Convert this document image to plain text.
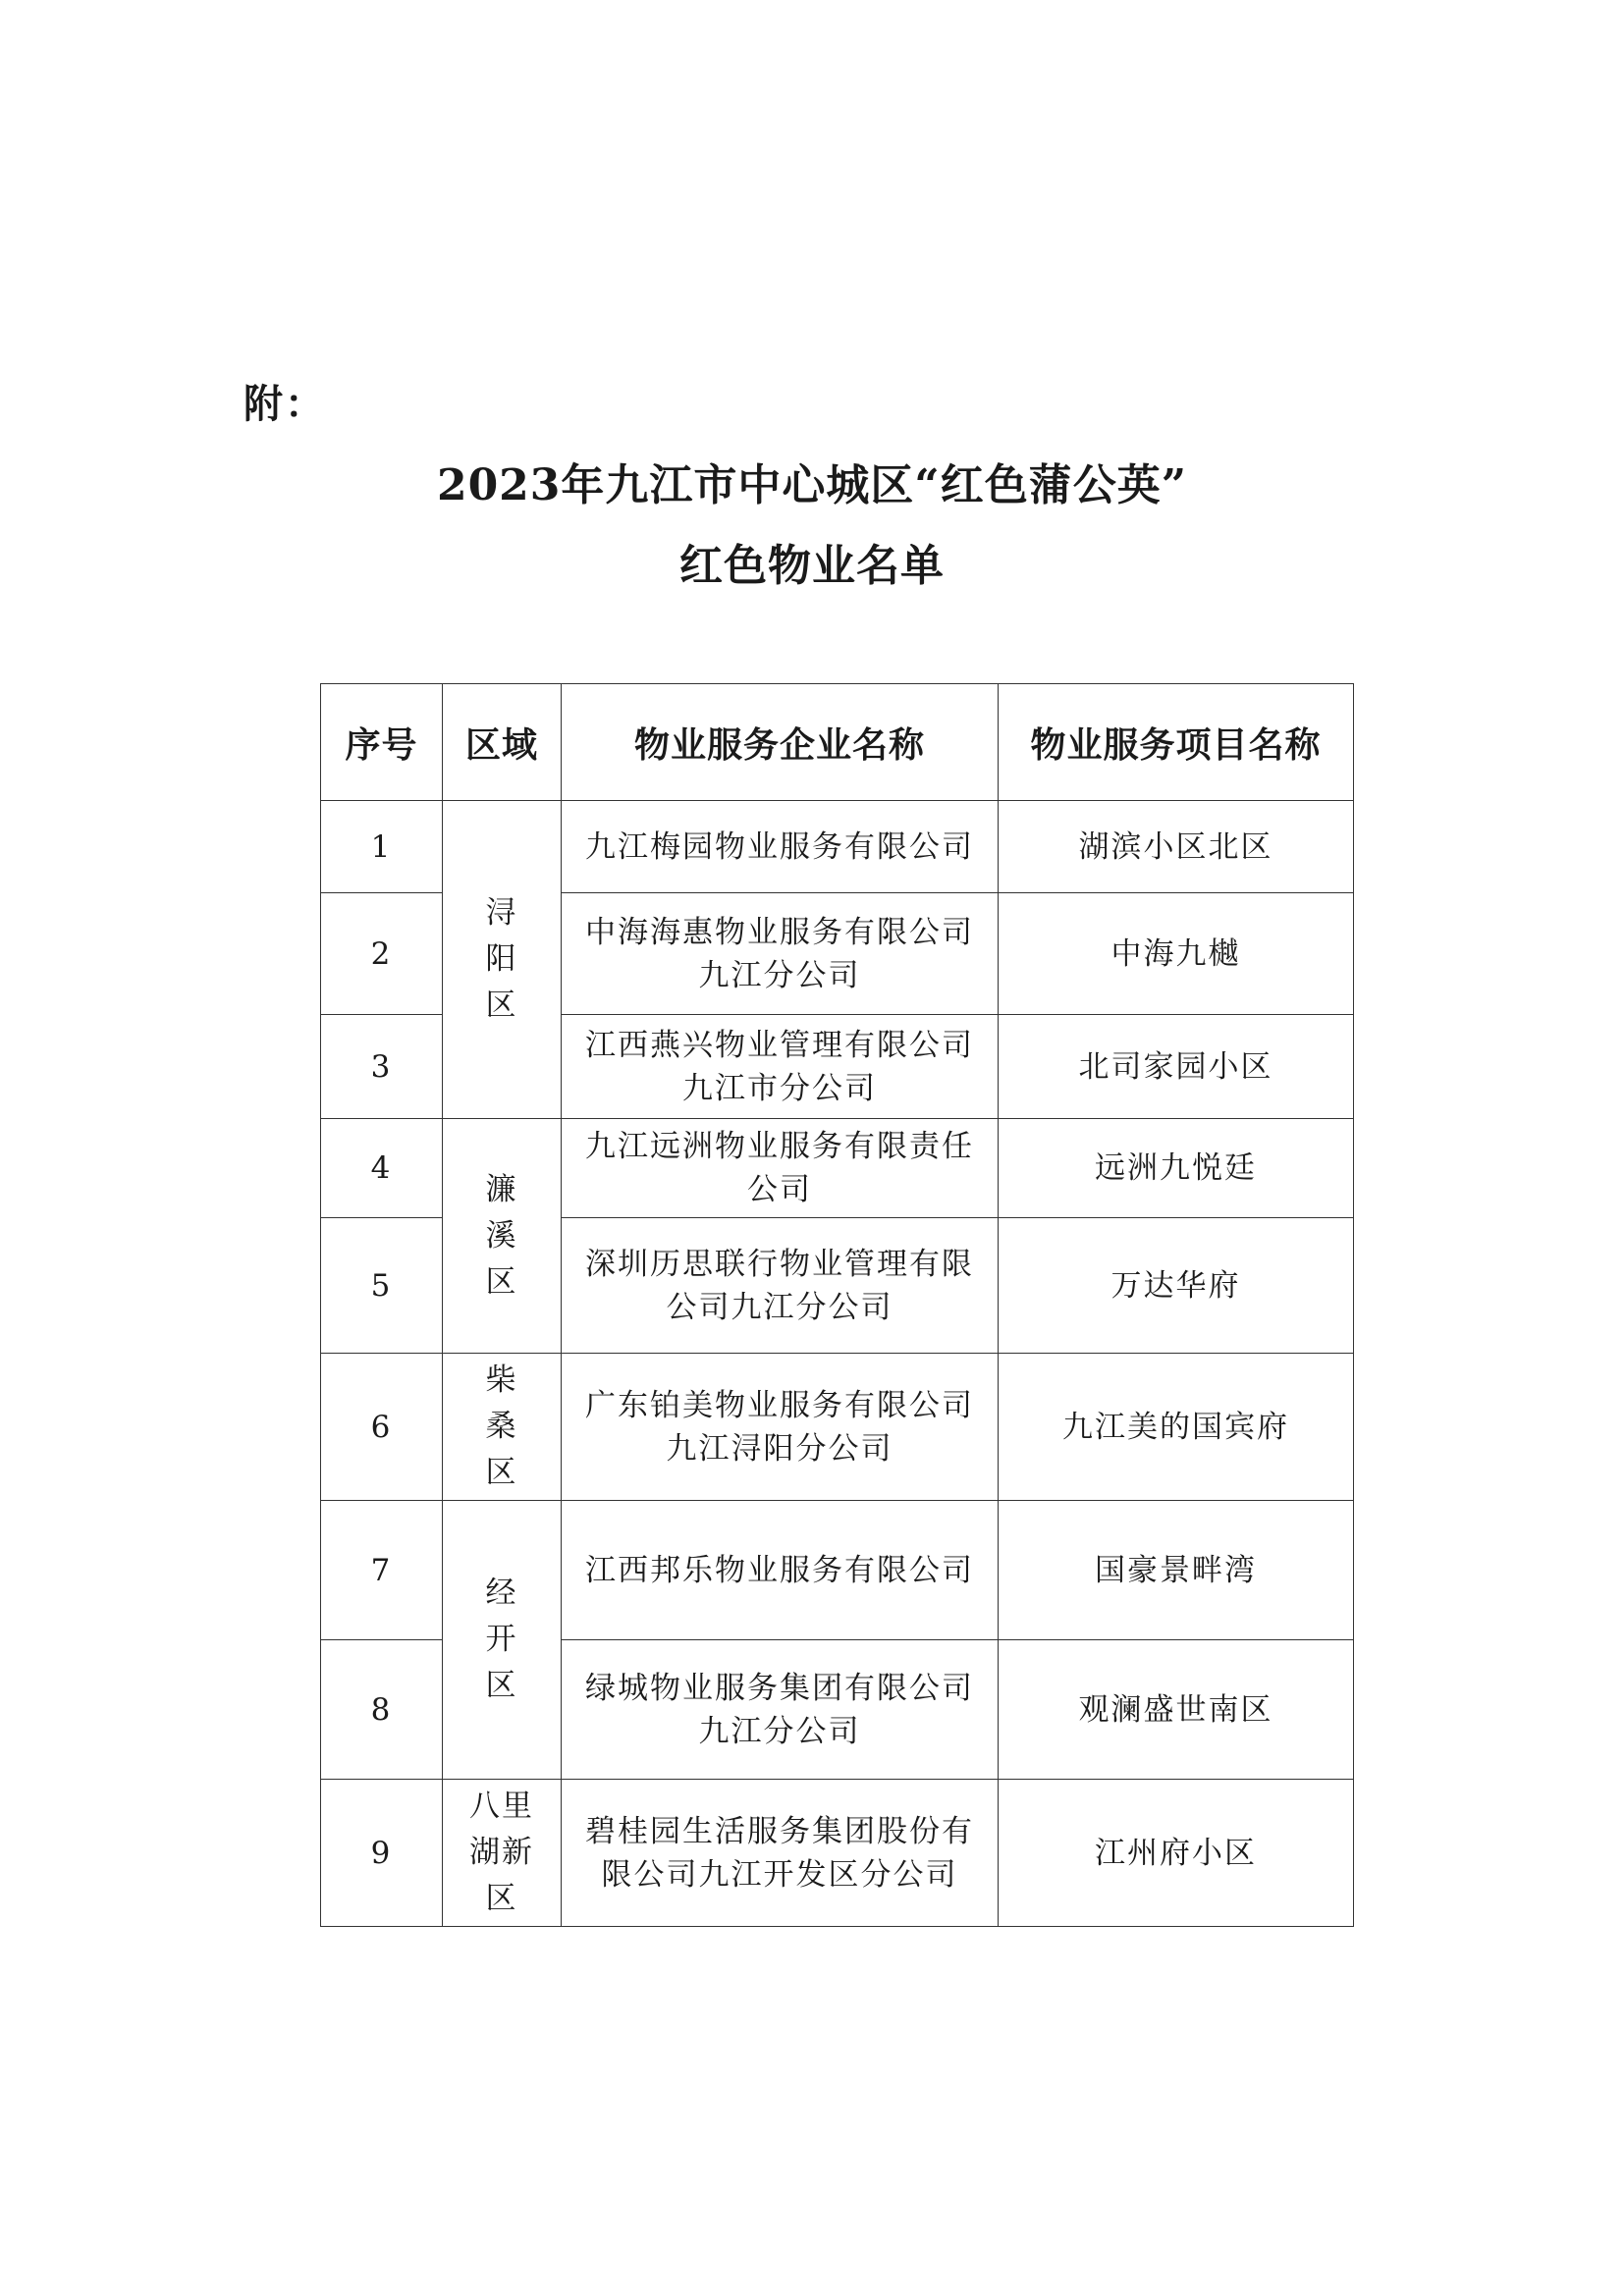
附：
2023年九江市中心城区“红色蒲公英”
红色物业名单
序号	区域	物业服务企业名称	物业服务项目名称
1	浔阳区	九江梅园物业服务有限公司	湖滨小区北区
2		中海海惠物业服务有限公司九江分公司	中海九樾
3		江西燕兴物业管理有限公司九江市分公司	北司家园小区
4	濂溪区	九江远洲物业服务有限责任公司	远洲九悦廷
5		深圳历思联行物业管理有限公司九江分公司	万达华府
6	柴桑区	广东铂美物业服务有限公司九江浔阳分公司	九江美的国宾府
7	经开区	江西邦乐物业服务有限公司	国豪景畔湾
8		绿城物业服务集团有限公司九江分公司	观澜盛世南区
9	八里湖新区	碧桂园生活服务集团股份有限公司九江开发区分公司	江州府小区
